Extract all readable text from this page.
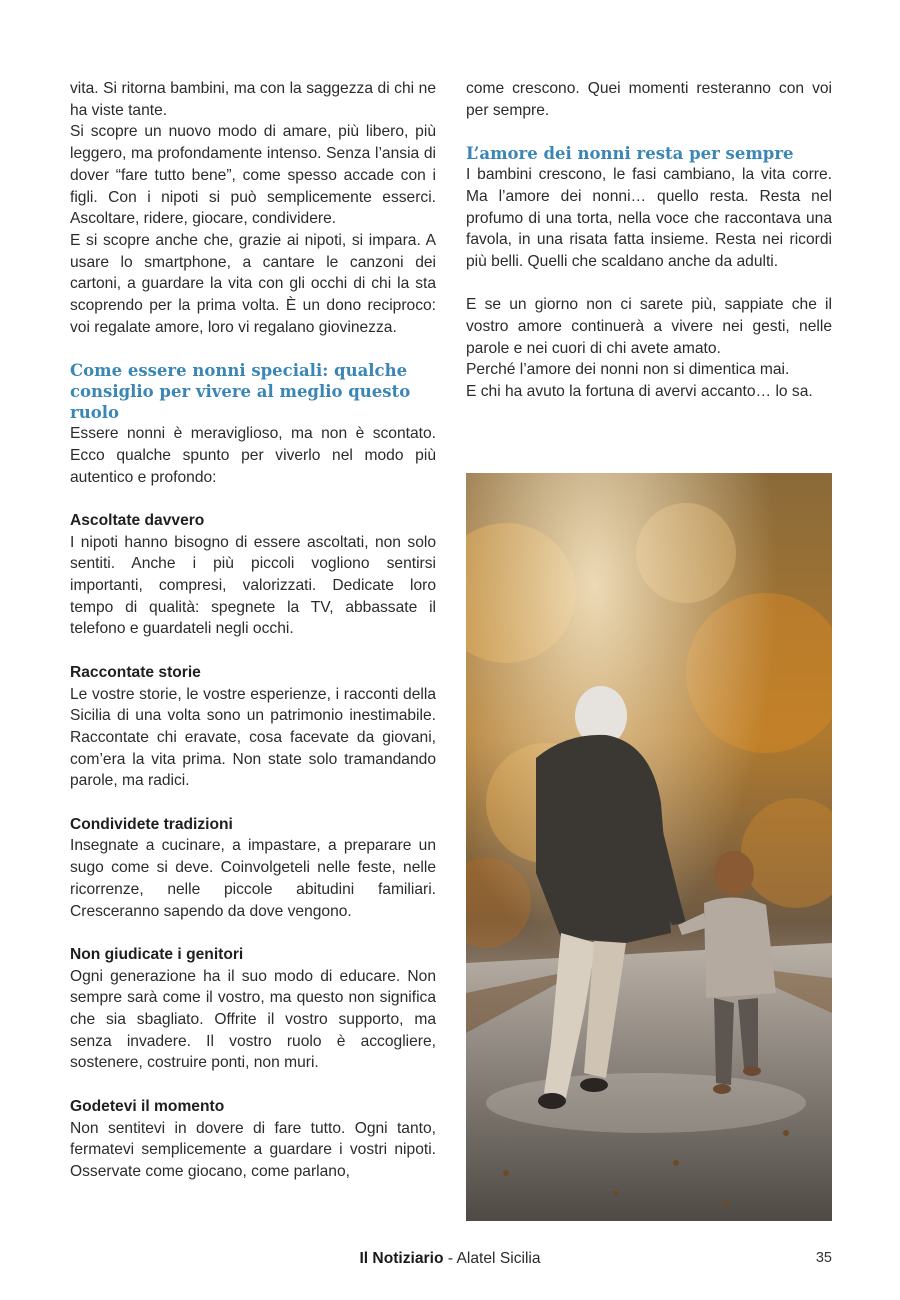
vita. Si ritorna bambini, ma con la saggezza di chi ne ha viste tante.

Si scopre un nuovo modo di amare, più libero, più leggero, ma profondamente intenso. Senza l’ansia di dover “fare tutto bene”, come spesso accade con i figli. Con i nipoti si può semplicemente esserci. Ascoltare, ridere, giocare, condividere.

E si scopre anche che, grazie ai nipoti, si impara. A usare lo smartphone, a cantare le canzoni dei cartoni, a guardare la vita con gli occhi di chi la sta scoprendo per la prima volta. È un dono reciproco: voi regalate amore, loro vi regalano giovinezza.

Come essere nonni speciali: qualche consiglio per vivere al meglio questo ruolo

Essere nonni è meraviglioso, ma non è scontato. Ecco qualche spunto per viverlo nel modo più autentico e profondo:

Ascoltate davvero

I nipoti hanno bisogno di essere ascoltati, non solo sentiti. Anche i più piccoli vogliono sentirsi importanti, compresi, valorizzati. Dedicate loro tempo di qualità: spegnete la TV, abbassate il telefono e guardateli negli occhi.

Raccontate storie

Le vostre storie, le vostre esperienze, i racconti della Sicilia di una volta sono un patrimonio inestimabile. Raccontate chi eravate, cosa facevate da giovani, com’era la vita prima. Non state solo tramandando parole, ma radici.

Condividete tradizioni

Insegnate a cucinare, a impastare, a preparare un sugo come si deve. Coinvolgeteli nelle feste, nelle ricorrenze, nelle piccole abitudini familiari. Cresceranno sapendo da dove vengono.

Non giudicate i genitori

Ogni generazione ha il suo modo di educare. Non sempre sarà come il vostro, ma questo non significa che sia sbagliato. Offrite il vostro supporto, ma senza invadere. Il vostro ruolo è accogliere, sostenere, costruire ponti, non muri.

Godetevi il momento

Non sentitevi in dovere di fare tutto. Ogni tanto, fermatevi semplicemente a guardare i vostri nipoti. Osservate come giocano, come parlano,

come crescono. Quei momenti resteranno con voi per sempre.

L’amore dei nonni resta per sempre

I bambini crescono, le fasi cambiano, la vita corre. Ma l’amore dei nonni… quello resta. Resta nel profumo di una torta, nella voce che raccontava una favola, in una risata fatta insieme. Resta nei ricordi più belli. Quelli che scaldano anche da adulti.

E se un giorno non ci sarete più, sappiate che il vostro amore continuerà a vivere nei gesti, nelle parole e nei cuori di chi avete amato.

Perché l’amore dei nonni non si dimentica mai.

E chi ha avuto la fortuna di avervi accanto… lo sa.

Il Notiziario - Alatel Sicilia	35
